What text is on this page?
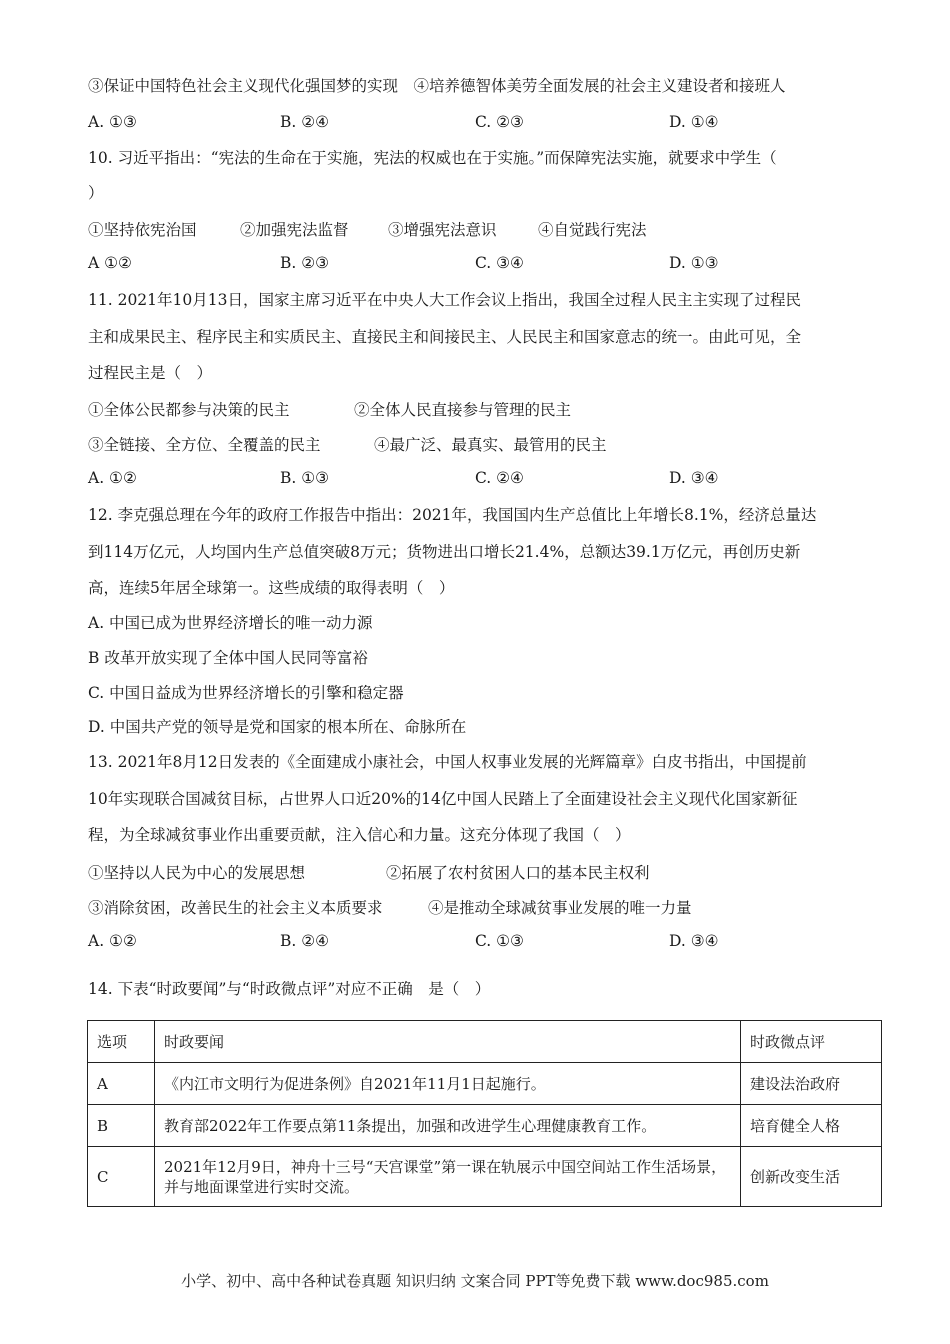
③保证中国特色社会主义现代化强国梦的实现　④培养德智体美劳全面发展的社会主义建设者和接班人
A. ①③	B. ②④	C. ②③	D. ①④
10. 习近平指出：“宪法的生命在于实施，宪法的权威也在于实施。”而保障宪法实施，就要求中学生（
）
①坚持依宪治国	②加强宪法监督	③增强宪法意识	④自觉践行宪法
A ①②	B. ②③	C. ③④	D. ①③
11. 2021年10月13日，国家主席习近平在中央人大工作会议上指出，我国全过程人民主主实现了过程民
主和成果民主、程序民主和实质民主、直接民主和间接民主、人民民主和国家意志的统一。由此可见，全
过程民主是（　）
①全体公民都参与决策的民主	②全体人民直接参与管理的民主
③全链接、全方位、全覆盖的民主	④最广泛、最真实、最管用的民主
A. ①②	B. ①③	C. ②④	D. ③④
12. 李克强总理在今年的政府工作报告中指出：2021年，我国国内生产总值比上年增长8.1%，经济总量达
到114万亿元，人均国内生产总值突破8万元；货物进出口增长21.4%，总额达39.1万亿元，再创历史新
高，连续5年居全球第一。这些成绩的取得表明（　）
A. 中国已成为世界经济增长的唯一动力源
B 改革开放实现了全体中国人民同等富裕
C. 中国日益成为世界经济增长的引擎和稳定器
D. 中国共产党的领导是党和国家的根本所在、命脉所在
13. 2021年8月12日发表的《全面建成小康社会，中国人权事业发展的光辉篇章》白皮书指出，中国提前
10年实现联合国减贫目标，占世界人口近20%的14亿中国人民踏上了全面建设社会主义现代化国家新征
程，为全球减贫事业作出重要贡献，注入信心和力量。这充分体现了我国（　）
①坚持以人民为中心的发展思想	②拓展了农村贫困人口的基本民主权利
③消除贫困，改善民生的社会主义本质要求	④是推动全球减贫事业发展的唯一力量
A. ①②	B. ②④	C. ①③	D. ③④
14. 下表“时政要闻”与“时政微点评”对应不正确　是（　）
选项	时政要闻	时政微点评
A	《内江市文明行为促进条例》自2021年11月1日起施行。	建设法治政府
B	教育部2022年工作要点第11条提出，加强和改进学生心理健康教育工作。	培育健全人格
C	2021年12月9日，神舟十三号“天宫课堂”第一课在轨展示中国空间站工作生活场景，并与地面课堂进行实时交流。	创新改变生活
小学、初中、高中各种试卷真题 知识归纳 文案合同 PPT等免费下载 www.doc985.com
